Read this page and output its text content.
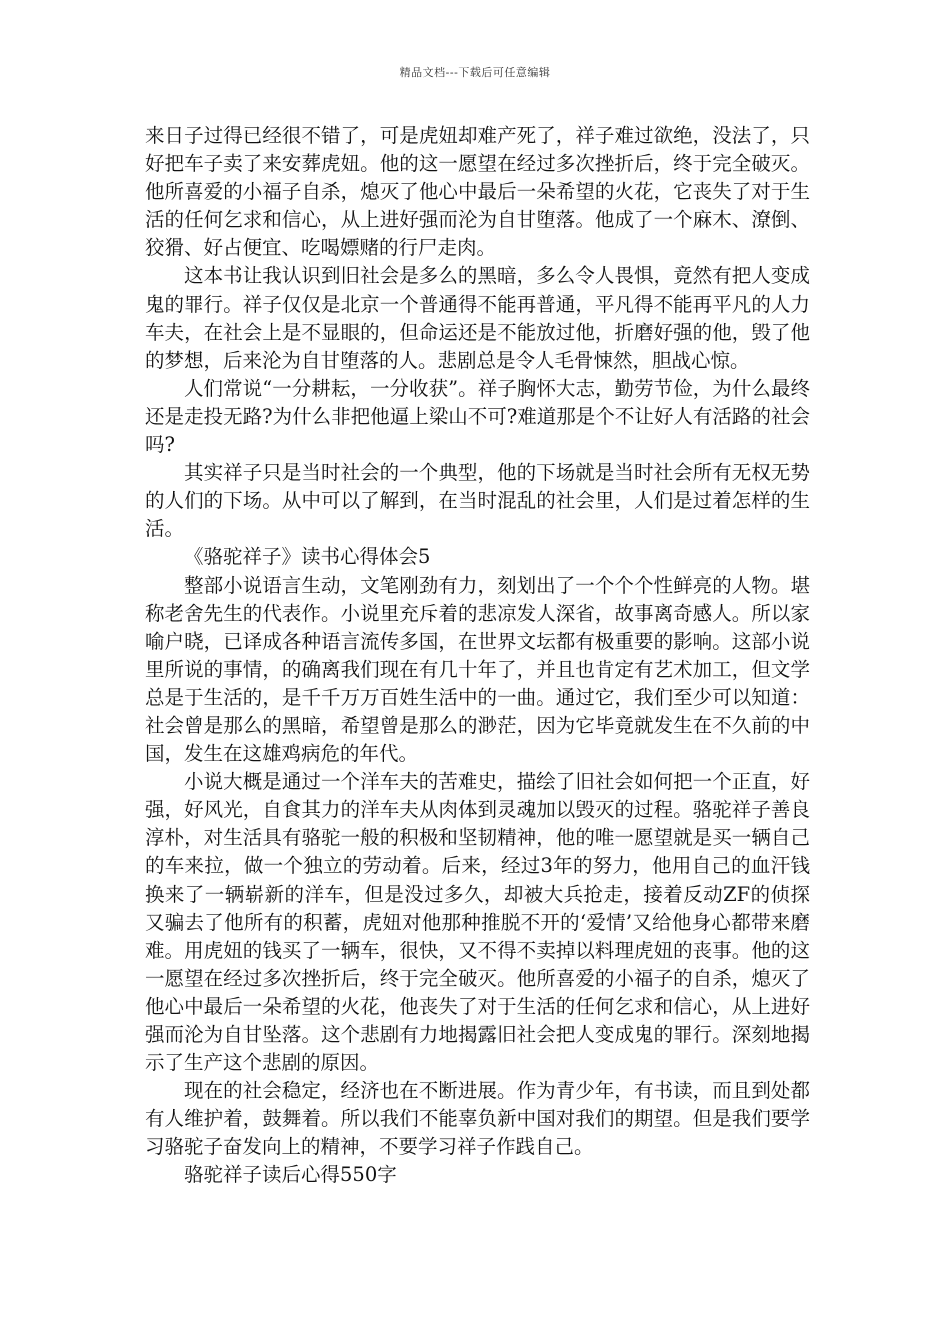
精品文档---下载后可任意编辑

来日子过得已经很不错了，可是虎妞却难产死了，祥子难过欲绝，没法了，只好把车子卖了来安葬虎妞。他的这一愿望在经过多次挫折后，终于完全破灭。他所喜爱的小福子自杀，熄灭了他心中最后一朵希望的火花，它丧失了对于生活的任何乞求和信心，从上进好强而沦为自甘堕落。他成了一个麻木、潦倒、狡猾、好占便宜、吃喝嫖赌的行尸走肉。

这本书让我认识到旧社会是多么的黑暗，多么令人畏惧，竟然有把人变成鬼的罪行。祥子仅仅是北京一个普通得不能再普通，平凡得不能再平凡的人力车夫，在社会上是不显眼的，但命运还是不能放过他，折磨好强的他，毁了他的梦想，后来沦为自甘堕落的人。悲剧总是令人毛骨悚然，胆战心惊。

人们常说“一分耕耘，一分收获”。祥子胸怀大志，勤劳节俭，为什么最终还是走投无路?为什么非把他逼上梁山不可?难道那是个不让好人有活路的社会吗?

其实祥子只是当时社会的一个典型，他的下场就是当时社会所有无权无势的人们的下场。从中可以了解到，在当时混乱的社会里，人们是过着怎样的生活。

《骆驼祥子》读书心得体会5

整部小说语言生动，文笔刚劲有力，刻划出了一个个个性鲜亮的人物。堪称老舍先生的代表作。小说里充斥着的悲凉发人深省，故事离奇感人。所以家喻户晓，已译成各种语言流传多国，在世界文坛都有极重要的影响。这部小说里所说的事情，的确离我们现在有几十年了，并且也肯定有艺术加工，但文学总是于生活的，是千千万万百姓生活中的一曲。通过它，我们至少可以知道：社会曾是那么的黑暗，希望曾是那么的渺茫，因为它毕竟就发生在不久前的中国，发生在这雄鸡病危的年代。

小说大概是通过一个洋车夫的苦难史，描绘了旧社会如何把一个正直，好强，好风光，自食其力的洋车夫从肉体到灵魂加以毁灭的过程。骆驼祥子善良淳朴，对生活具有骆驼一般的积极和坚韧精神，他的唯一愿望就是买一辆自己的车来拉，做一个独立的劳动着。后来，经过3年的努力，他用自己的血汗钱换来了一辆崭新的洋车，但是没过多久，却被大兵抢走，接着反动ZF的侦探又骗去了他所有的积蓄，虎妞对他那种推脱不开的‘爱情’又给他身心都带来磨难。用虎妞的钱买了一辆车，很快，又不得不卖掉以料理虎妞的丧事。他的这一愿望在经过多次挫折后，终于完全破灭。他所喜爱的小福子的自杀，熄灭了他心中最后一朵希望的火花，他丧失了对于生活的任何乞求和信心，从上进好强而沦为自甘坠落。这个悲剧有力地揭露旧社会把人变成鬼的罪行。深刻地揭示了生产这个悲剧的原因。

现在的社会稳定，经济也在不断进展。作为青少年，有书读，而且到处都有人维护着，鼓舞着。所以我们不能辜负新中国对我们的期望。但是我们要学习骆驼子奋发向上的精神，不要学习祥子作践自己。

骆驼祥子读后心得550字
